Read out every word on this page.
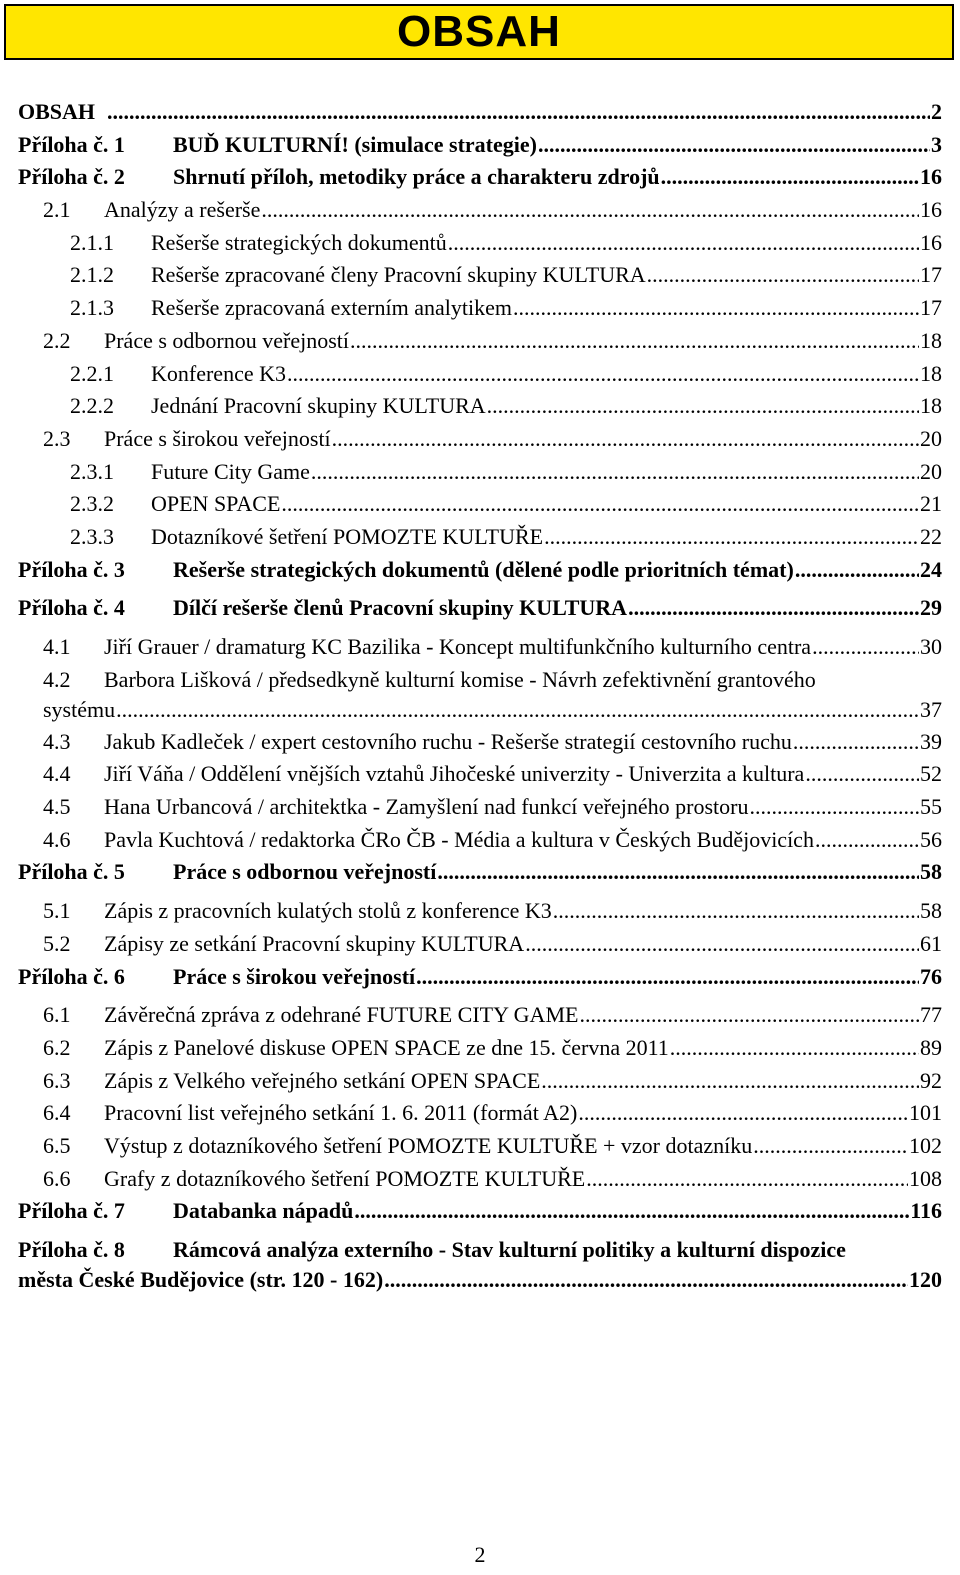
OBSAH
OBSAH .....	2
Příloha č. 1 BUĎ KULTURNÍ! (simulace strategie) .....	3
Příloha č. 2 Shrnutí příloh, metodiky práce a charakteru zdrojů .....	16
2.1 Analýzy a rešerše .....	16
2.1.1 Rešerše strategických dokumentů .....	16
2.1.2 Rešerše zpracované členy Pracovní skupiny KULTURA .....	17
2.1.3 Rešerše zpracovaná externím analytikem .....	17
2.2 Práce s odbornou veřejností .....	18
2.2.1 Konference K3 .....	18
2.2.2 Jednání Pracovní skupiny KULTURA .....	18
2.3 Práce s širokou veřejností .....	20
2.3.1 Future City Game .....	20
2.3.2 OPEN SPACE .....	21
2.3.3 Dotazníkové šetření POMOZTE KULTUŘE .....	22
Příloha č. 3 Rešerše strategických dokumentů (dělené podle prioritních témat) .....	24
Příloha č. 4 Dílčí rešerše členů Pracovní skupiny KULTURA .....	29
4.1 Jiří Grauer / dramaturg KC Bazilika - Koncept multifunkčního kulturního centra .....	30
4.2 Barbora Lišková / předsedkyně kulturní komise - Návrh zefektivnění grantového
systému .....	37
4.3 Jakub Kadleček / expert cestovního ruchu - Rešerše strategií cestovního ruchu .....	39
4.4 Jiří Váňa / Oddělení vnějších vztahů Jihočeské univerzity - Univerzita a kultura .....	52
4.5 Hana Urbancová / architektka - Zamyšlení nad funkcí veřejného prostoru .....	55
4.6 Pavla Kuchtová / redaktorka ČRo ČB - Média a kultura v Českých Budějovicích .....	56
Příloha č. 5 Práce s odbornou veřejností .....	58
5.1 Zápis z pracovních kulatých stolů z konference K3 .....	58
5.2 Zápisy ze setkání Pracovní skupiny KULTURA .....	61
Příloha č. 6 Práce s širokou veřejností .....	76
6.1 Závěrečná zpráva z odehrané FUTURE CITY GAME .....	77
6.2 Zápis z Panelové diskuse OPEN SPACE ze dne 15. června 2011 .....	89
6.3 Zápis z Velkého veřejného setkání OPEN SPACE .....	92
6.4 Pracovní list veřejného setkání 1. 6. 2011 (formát A2) .....	101
6.5 Výstup z dotazníkového šetření POMOZTE KULTUŘE + vzor dotazníku .....	102
6.6 Grafy z dotazníkového šetření POMOZTE KULTUŘE .....	108
Příloha č. 7 Databanka nápadů .....	116
Příloha č. 8 Rámcová analýza externího - Stav kulturní politiky a kulturní dispozice
města České Budějovice (str. 120 - 162) .....	120
2
